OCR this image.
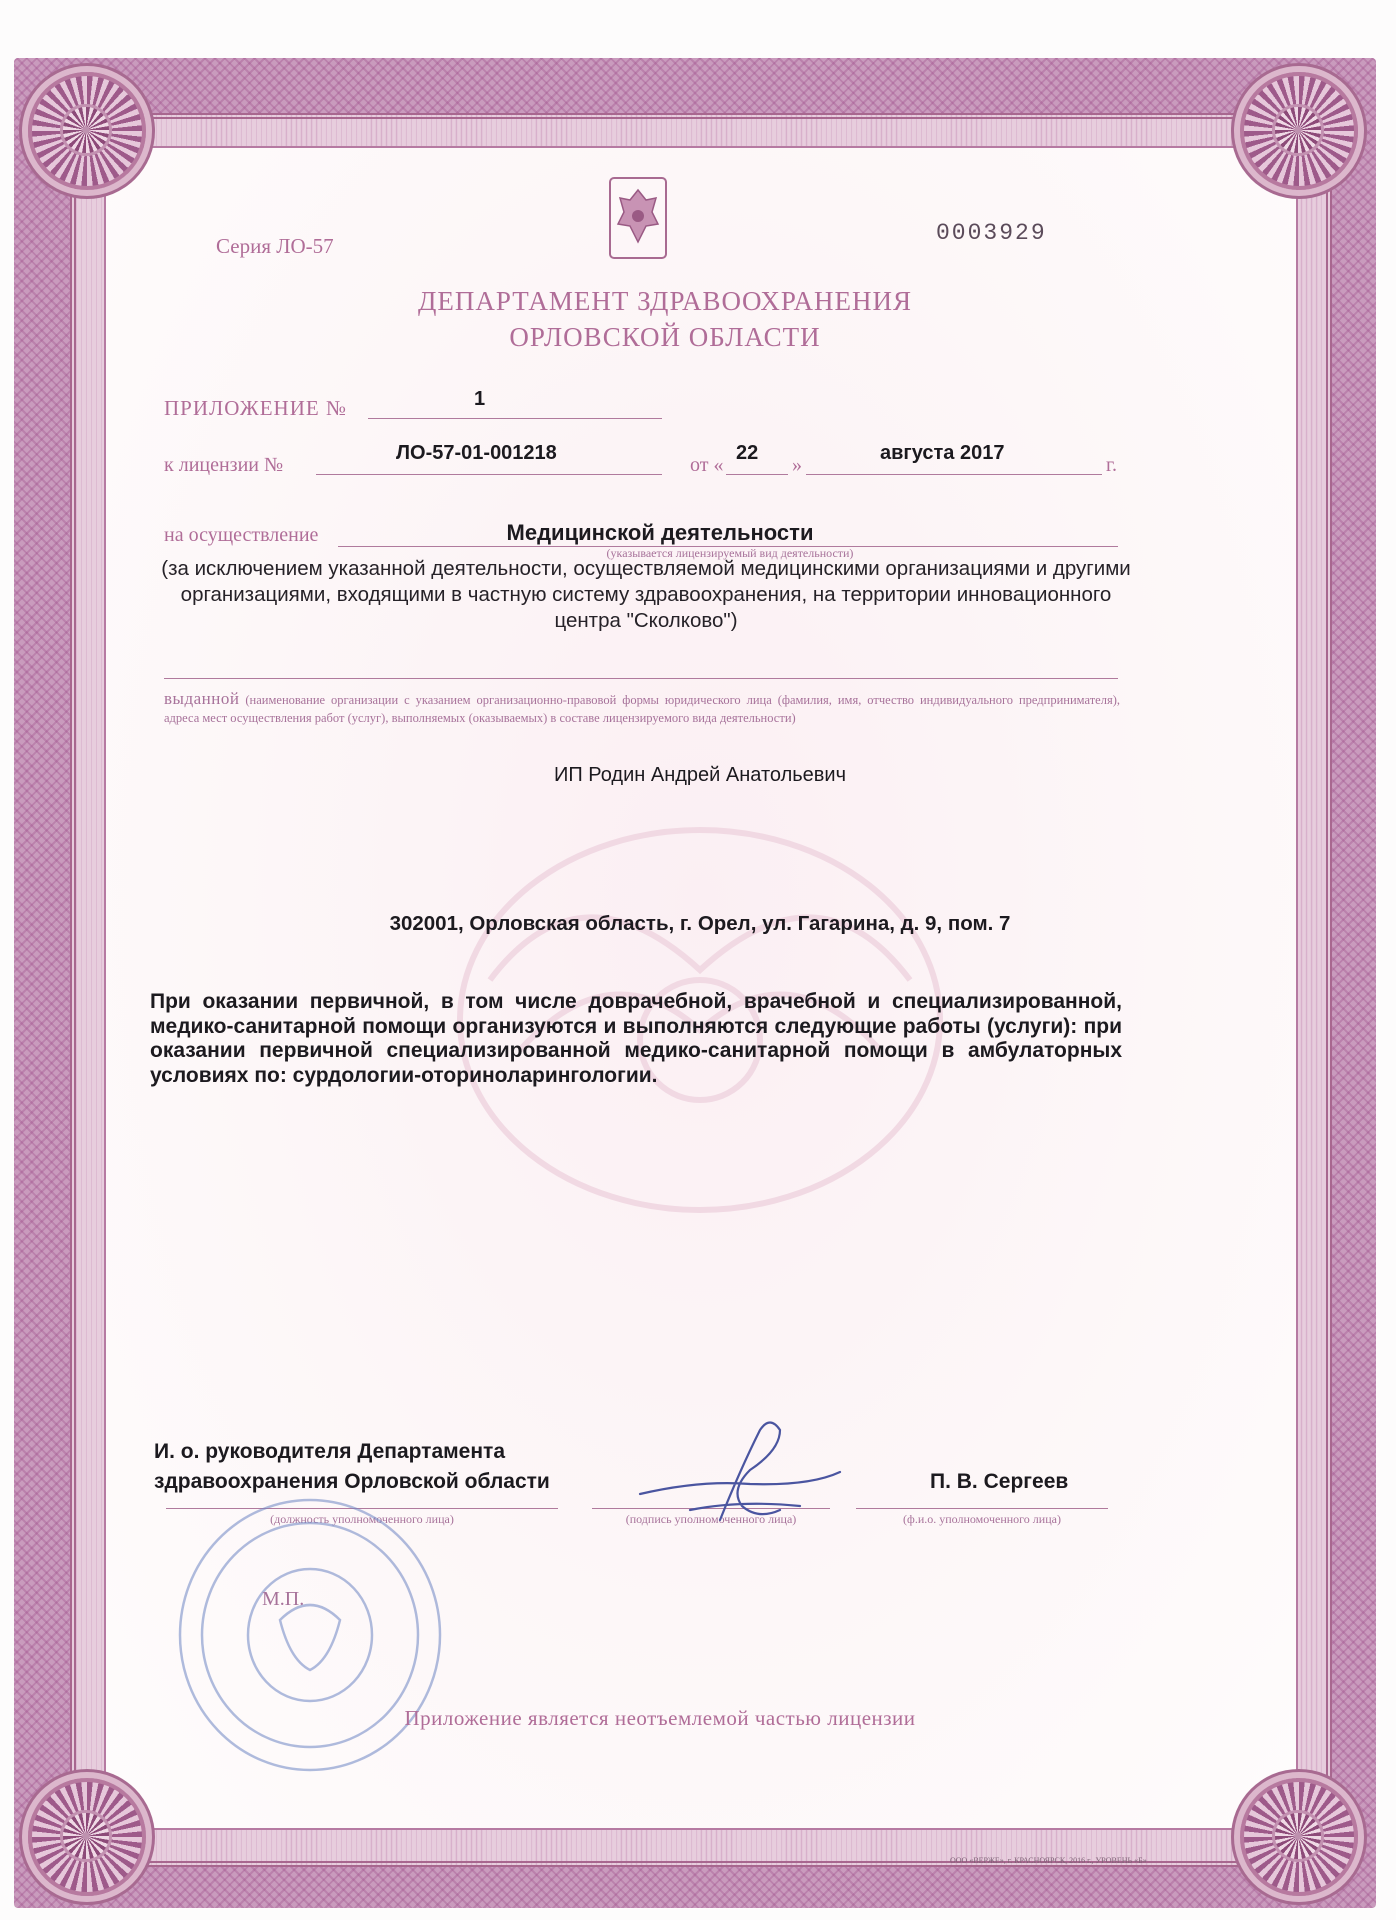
Серия ЛО-57	0003929
ДЕПАРТАМЕНТ ЗДРАВООХРАНЕНИЯ
ОРЛОВСКОЙ ОБЛАСТИ
ПРИЛОЖЕНИЕ №	1
к лицензии №
ЛО-57-01-001218
от «
22
»
августа 2017
г.
на осуществление
(указывается лицензируемый вид деятельности)
Медицинской деятельности
(за исключением указанной деятельности, осуществляемой медицинскими организациями и другими организациями, входящими в частную систему здравоохранения, на территории инновационного центра "Сколково")
выданной (наименование организации с указанием организационно-правовой формы юридического лица (фамилия, имя, отчество индивидуального предпринимателя), адреса мест осуществления работ (услуг), выполняемых (оказываемых) в составе лицензируемого вида деятельности)
ИП Родин Андрей Анатольевич
302001, Орловская область, г. Орел, ул. Гагарина, д. 9, пом. 7
При оказании первичной, в том числе доврачебной, врачебной и специализированной, медико-санитарной помощи организуются и выполняются следующие работы (услуги): при оказании первичной специализированной медико-санитарной помощи в амбулаторных условиях по: сурдологии-оториноларингологии.
И. о. руководителя Департамента
здравоохранения Орловской области	П. В. Сергеев
(должность уполномоченного лица)	(подпись уполномоченного лица)	(ф.и.о. уполномоченного лица)
М.П.
Приложение является неотъемлемой частью лицензии
ООО «ВЕРЖЕ», г. КРАСНОЯРСК, 2016 г., УРОВЕНЬ «Б»
